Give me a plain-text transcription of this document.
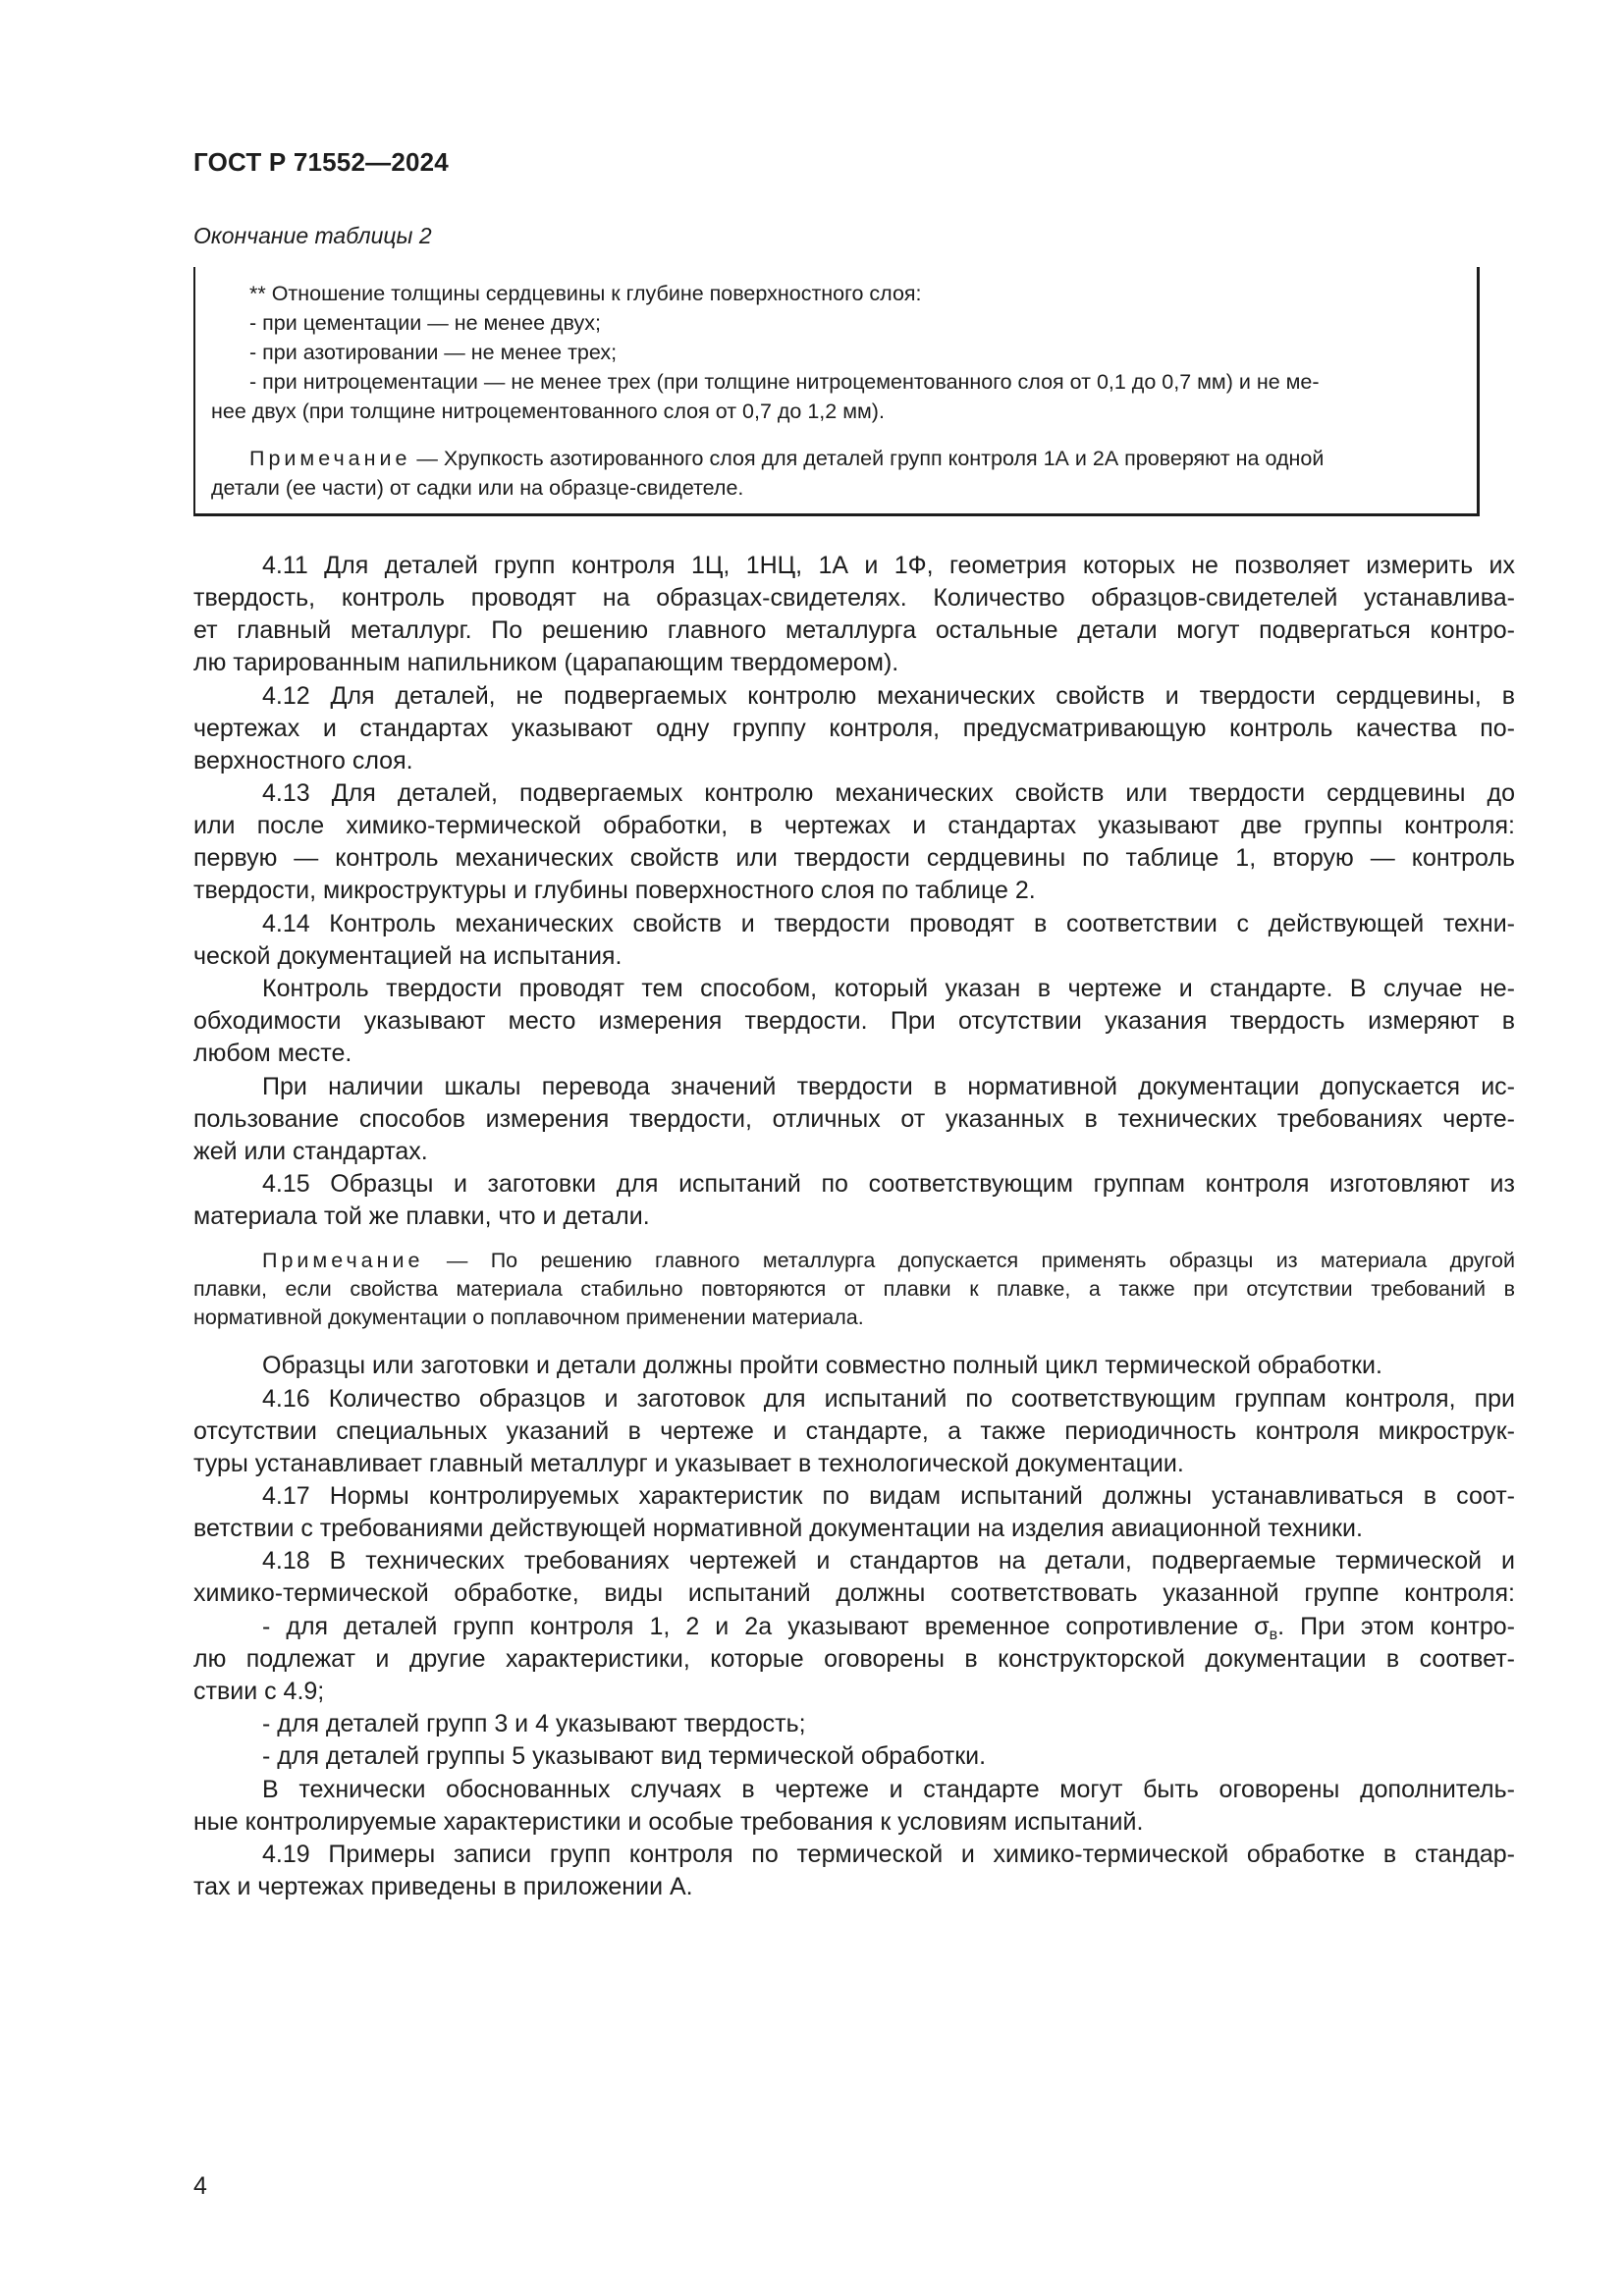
ГОСТ Р 71552—2024
Окончание таблицы 2
** Отношение толщины сердцевины к глубине поверхностного слоя:
- при цементации — не менее двух;
- при азотировании — не менее трех;
- при нитроцементации — не менее трех (при толщине нитроцементованного слоя от 0,1 до 0,7 мм) и не ме-
нее двух (при толщине нитроцементованного слоя от 0,7 до 1,2 мм).
Примечание — Хрупкость азотированного слоя для деталей групп контроля 1А и 2А проверяют на одной
детали (ее части) от садки или на образце-свидетеле.
4.11 Для деталей групп контроля 1Ц, 1НЦ, 1А и 1Ф, геометрия которых не позволяет измерить их
твердость, контроль проводят на образцах-свидетелях. Количество образцов-свидетелей устанавлива-
ет главный металлург. По решению главного металлурга остальные детали могут подвергаться контро-
лю тарированным напильником (царапающим твердомером).
4.12 Для деталей, не подвергаемых контролю механических свойств и твердости сердцевины, в
чертежах и стандартах указывают одну группу контроля, предусматривающую контроль качества по-
верхностного слоя.
4.13 Для деталей, подвергаемых контролю механических свойств или твердости сердцевины до
или после химико-термической обработки, в чертежах и стандартах указывают две группы контроля:
первую — контроль механических свойств или твердости сердцевины по таблице 1, вторую — контроль
твердости, микроструктуры и глубины поверхностного слоя по таблице 2.
4.14 Контроль механических свойств и твердости проводят в соответствии с действующей техни-
ческой документацией на испытания.
Контроль твердости проводят тем способом, который указан в чертеже и стандарте. В случае не-
обходимости указывают место измерения твердости. При отсутствии указания твердость измеряют в
любом месте.
При наличии шкалы перевода значений твердости в нормативной документации допускается ис-
пользование способов измерения твердости, отличных от указанных в технических требованиях черте-
жей или стандартах.
4.15 Образцы и заготовки для испытаний по соответствующим группам контроля изготовляют из
материала той же плавки, что и детали.
Примечание — По решению главного металлурга допускается применять образцы из материала другой
плавки, если свойства материала стабильно повторяются от плавки к плавке, а также при отсутствии требований в
нормативной документации о поплавочном применении материала.
Образцы или заготовки и детали должны пройти совместно полный цикл термической обработки.
4.16 Количество образцов и заготовок для испытаний по соответствующим группам контроля, при
отсутствии специальных указаний в чертеже и стандарте, а также периодичность контроля микрострук-
туры устанавливает главный металлург и указывает в технологической документации.
4.17 Нормы контролируемых характеристик по видам испытаний должны устанавливаться в соот-
ветствии с требованиями действующей нормативной документации на изделия авиационной техники.
4.18 В технических требованиях чертежей и стандартов на детали, подвергаемые термической и
химико-термической обработке, виды испытаний должны соответствовать указанной группе контроля:
- для деталей групп контроля 1, 2 и 2а указывают временное сопротивление $\sigma_в$. При этом контро-
лю подлежат и другие характеристики, которые оговорены в конструкторской документации в соответ-
ствии с 4.9;
- для деталей групп 3 и 4 указывают твердость;
- для деталей группы 5 указывают вид термической обработки.
В технически обоснованных случаях в чертеже и стандарте могут быть оговорены дополнитель-
ные контролируемые характеристики и особые требования к условиям испытаний.
4.19 Примеры записи групп контроля по термической и химико-термической обработке в стандар-
тах и чертежах приведены в приложении А.
4
